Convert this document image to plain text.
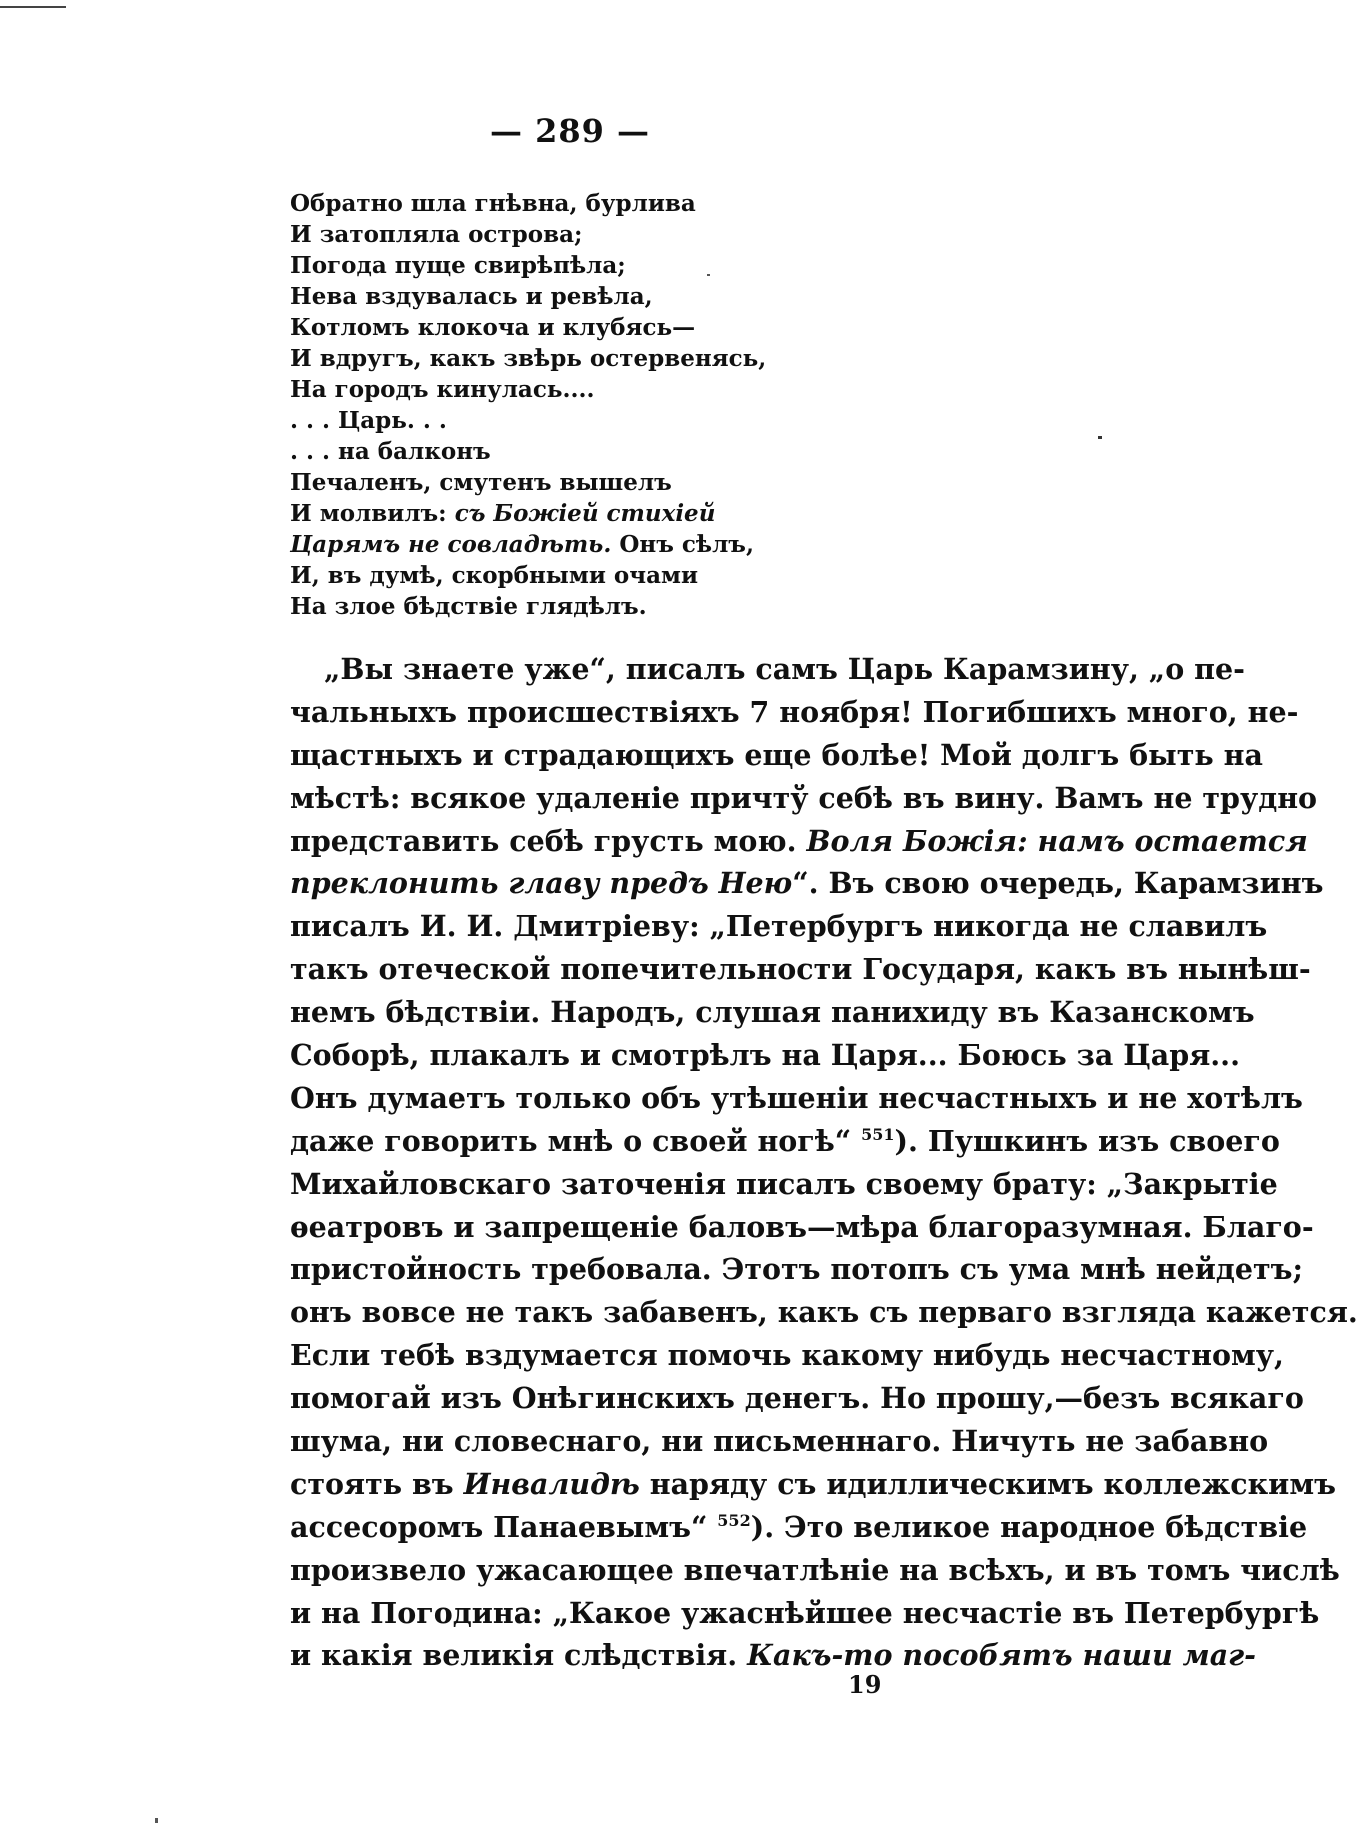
— 289 —
Обратно шла гнѣвна, бурлива
И затопляла острова;
Погода пуще свирѣпѣла;
Нева вздувалась и ревѣла,
Котломъ клокоча и клубясь—
И вдругъ, какъ звѣрь остервенясь,
На городъ кинулась....
. . . Царь. . .
. . . на балконъ
Печаленъ, смутенъ вышелъ
И молвилъ: съ Божіей стихіей
Царямъ не совладѣть. Онъ сѣлъ,
И, въ думѣ, скорбными очами
На злое бѣдствіе глядѣлъ.
„Вы знаете уже“, писалъ самъ Царь Карамзину, „о пе-
чальныхъ происшествіяхъ 7 ноября! Погибшихъ много, не-
щастныхъ и страдающихъ еще болѣе! Мой долгъ быть на
мѣстѣ: всякое удаленіе причтў себѣ въ вину. Вамъ не трудно
представить себѣ грусть мою. Воля Божія: намъ остается
преклонить главу предъ Нею“. Въ свою очередь, Карамзинъ
писалъ И. И. Дмитріеву: „Петербургъ никогда не славилъ
такъ отеческой попечительности Государя, какъ въ нынѣш-
немъ бѣдствіи. Народъ, слушая панихиду въ Казанскомъ
Соборѣ, плакалъ и смотрѣлъ на Царя... Боюсь за Царя...
Онъ думаетъ только объ утѣшеніи несчастныхъ и не хотѣлъ
даже говорить мнѣ о своей ногѣ“ $^{551}$). Пушкинъ изъ своего
Михайловскаго заточенія писалъ своему брату: „Закрытіе
ѳеатровъ и запрещеніе баловъ—мѣра благоразумная. Благо-
пристойность требовала. Этотъ потопъ съ ума мнѣ нейдетъ;
онъ вовсе не такъ забавенъ, какъ съ перваго взгляда кажется.
Если тебѣ вздумается помочь какому нибудь несчастному,
помогай изъ Онѣгинскихъ денегъ. Но прошу,—безъ всякаго
шума, ни словеснаго, ни письменнаго. Ничуть не забавно
стоять въ Инвалидѣ наряду съ идиллическимъ коллежскимъ
ассесоромъ Панаевымъ“ $^{552}$). Это великое народное бѣдствіе
произвело ужасающее впечатлѣніе на всѣхъ, и въ томъ числѣ
и на Погодина: „Какое ужаснѣйшее несчастіе въ Петербургѣ
и какія великія слѣдствія. Какъ-то пособятъ наши маг-
19
